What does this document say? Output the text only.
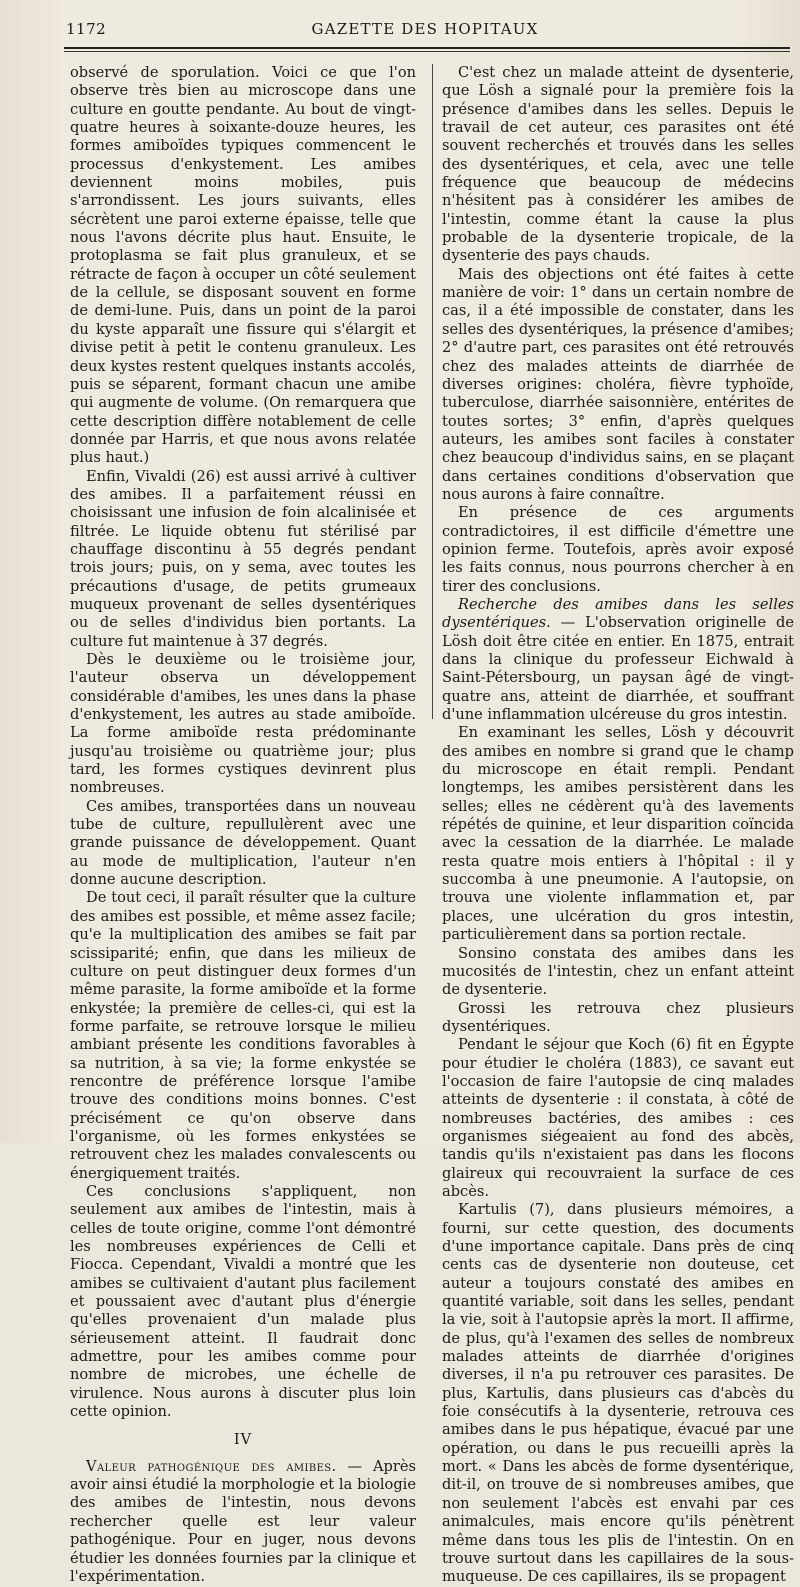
1172	GAZETTE DES HOPITAUX

observé de sporulation. Voici ce que l'on observe très bien au microscope dans une culture en goutte pendante. Au bout de vingt-quatre heures à soixante-douze heures, les formes amiboïdes typiques commencent le processus d'enkystement. Les amibes deviennent moins mobiles, puis s'arrondissent. Les jours suivants, elles sécrètent une paroi externe épaisse, telle que nous l'avons décrite plus haut. Ensuite, le protoplasma se fait plus granuleux, et se rétracte de façon à occuper un côté seulement de la cellule, se disposant souvent en forme de demi-lune. Puis, dans un point de la paroi du kyste apparaît une fissure qui s'élargit et divise petit à petit le contenu granuleux. Les deux kystes restent quelques instants accolés, puis se séparent, formant chacun une amibe qui augmente de volume. (On remarquera que cette description diffère notablement de celle donnée par Harris, et que nous avons relatée plus haut.)

Enfin, Vivaldi (26) est aussi arrivé à cultiver des amibes. Il a parfaitement réussi en choisissant une infusion de foin alcalinisée et filtrée. Le liquide obtenu fut stérilisé par chauffage discontinu à 55 degrés pendant trois jours; puis, on y sema, avec toutes les précautions d'usage, de petits grumeaux muqueux provenant de selles dysentériques ou de selles d'individus bien portants. La culture fut maintenue à 37 degrés.

Dès le deuxième ou le troisième jour, l'auteur observa un développement considérable d'amibes, les unes dans la phase d'enkystement, les autres au stade amiboïde. La forme amiboïde resta prédominante jusqu'au troisième ou quatrième jour; plus tard, les formes cystiques devinrent plus nombreuses.

Ces amibes, transportées dans un nouveau tube de culture, repullulèrent avec une grande puissance de développement. Quant au mode de multiplication, l'auteur n'en donne aucune description.

De tout ceci, il paraît résulter que la culture des amibes est possible, et même assez facile; qu'e la multiplication des amibes se fait par scissiparité; enfin, que dans les milieux de culture on peut distinguer deux formes d'un même parasite, la forme amiboïde et la forme enkystée; la première de celles-ci, qui est la forme parfaite, se retrouve lorsque le milieu ambiant présente les conditions favorables à sa nutrition, à sa vie; la forme enkystée se rencontre de préférence lorsque l'amibe trouve des conditions moins bonnes. C'est précisément ce qu'on observe dans l'organisme, où les formes enkystées se retrouvent chez les malades convalescents ou énergiquement traités.

Ces conclusions s'appliquent, non seulement aux amibes de l'intestin, mais à celles de toute origine, comme l'ont démontré les nombreuses expériences de Celli et Fiocca. Cependant, Vivaldi a montré que les amibes se cultivaient d'autant plus facilement et poussaient avec d'autant plus d'énergie qu'elles provenaient d'un malade plus sérieusement atteint. Il faudrait donc admettre, pour les amibes comme pour nombre de microbes, une échelle de virulence. Nous aurons à discuter plus loin cette opinion.

IV

Valeur pathogénique des amibes. — Après avoir ainsi étudié la morphologie et la biologie des amibes de l'intestin, nous devons rechercher quelle est leur valeur pathogénique. Pour en juger, nous devons étudier les données fournies par la clinique et l'expérimentation.

C'est chez un malade atteint de dysenterie, que Lösh a signalé pour la première fois la présence d'amibes dans les selles. Depuis le travail de cet auteur, ces parasites ont été souvent recherchés et trouvés dans les selles des dysentériques, et cela, avec une telle fréquence que beaucoup de médecins n'hésitent pas à considérer les amibes de l'intestin, comme étant la cause la plus probable de la dysenterie tropicale, de la dysenterie des pays chauds.

Mais des objections ont été faites à cette manière de voir: 1° dans un certain nombre de cas, il a été impossible de constater, dans les selles des dysentériques, la présence d'amibes; 2° d'autre part, ces parasites ont été retrouvés chez des malades atteints de diarrhée de diverses origines: choléra, fièvre typhoïde, tuberculose, diarrhée saisonnière, entérites de toutes sortes; 3° enfin, d'après quelques auteurs, les amibes sont faciles à constater chez beaucoup d'individus sains, en se plaçant dans certaines conditions d'observation que nous aurons à faire connaître.

En présence de ces arguments contradictoires, il est difficile d'émettre une opinion ferme. Toutefois, après avoir exposé les faits connus, nous pourrons chercher à en tirer des conclusions.

Recherche des amibes dans les selles dysentériques. — L'observation originelle de Lösh doit être citée en entier. En 1875, entrait dans la clinique du professeur Eichwald à Saint-Pétersbourg, un paysan âgé de vingt-quatre ans, atteint de diarrhée, et souffrant d'une inflammation ulcéreuse du gros intestin.

En examinant les selles, Lösh y découvrit des amibes en nombre si grand que le champ du microscope en était rempli. Pendant longtemps, les amibes persistèrent dans les selles; elles ne cédèrent qu'à des lavements répétés de quinine, et leur disparition coïncida avec la cessation de la diarrhée. Le malade resta quatre mois entiers à l'hôpital : il y succomba à une pneumonie. A l'autopsie, on trouva une violente inflammation et, par places, une ulcération du gros intestin, particulièrement dans sa portion rectale.

Sonsino constata des amibes dans les mucosités de l'intestin, chez un enfant atteint de dysenterie.

Grossi les retrouva chez plusieurs dysentériques.

Pendant le séjour que Koch (6) fit en Égypte pour étudier le choléra (1883), ce savant eut l'occasion de faire l'autopsie de cinq malades atteints de dysenterie : il constata, à côté de nombreuses bactéries, des amibes : ces organismes siégeaient au fond des abcès, tandis qu'ils n'existaient pas dans les flocons glaireux qui recouvraient la surface de ces abcès.

Kartulis (7), dans plusieurs mémoires, a fourni, sur cette question, des documents d'une importance capitale. Dans près de cinq cents cas de dysenterie non douteuse, cet auteur a toujours constaté des amibes en quantité variable, soit dans les selles, pendant la vie, soit à l'autopsie après la mort. Il affirme, de plus, qu'à l'examen des selles de nombreux malades atteints de diarrhée d'origines diverses, il n'a pu retrouver ces parasites. De plus, Kartulis, dans plusieurs cas d'abcès du foie consécutifs à la dysenterie, retrouva ces amibes dans le pus hépatique, évacué par une opération, ou dans le pus recueilli après la mort. « Dans les abcès de forme dysentérique, dit-il, on trouve de si nombreuses amibes, que non seulement l'abcès est envahi par ces animalcules, mais encore qu'ils pénètrent même dans tous les plis de l'intestin. On en trouve surtout dans les capillaires de la sous-muqueuse. De ces capillaires, ils se propagent
